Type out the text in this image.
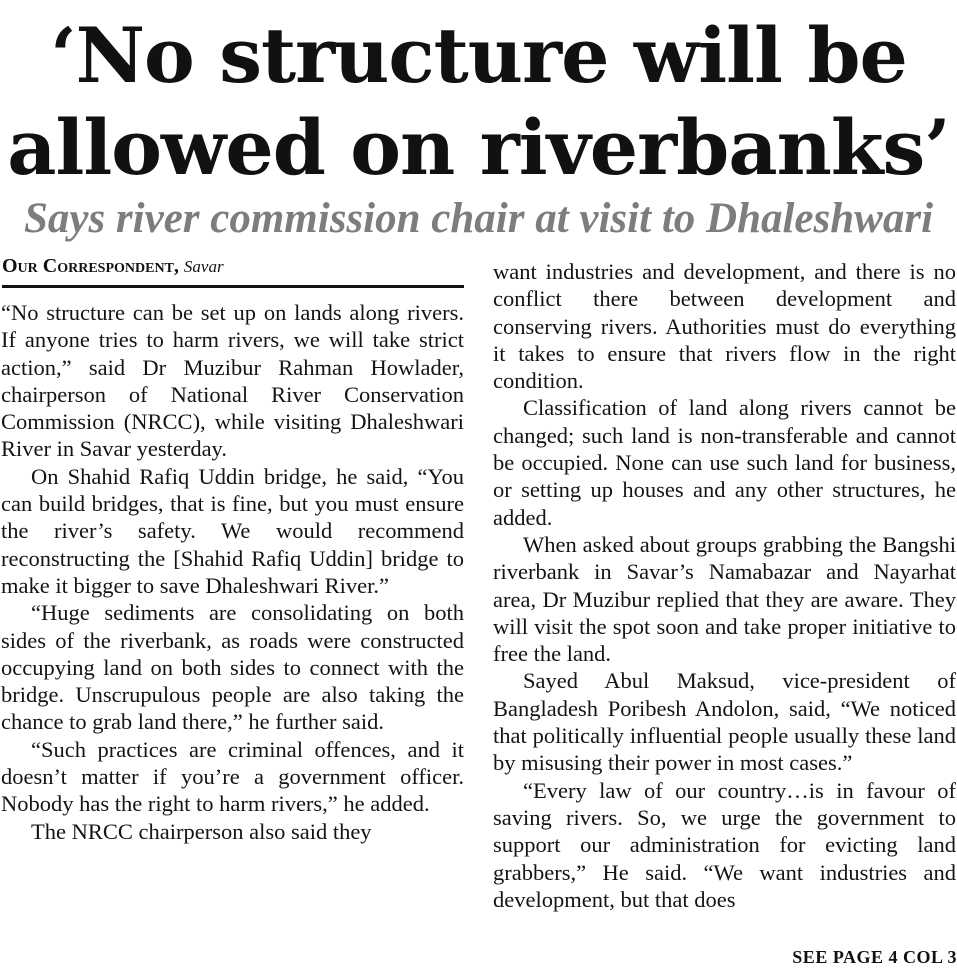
‘No structure will be
allowed on riverbanks’
Says river commission chair at visit to Dhaleshwari
Our Correspondent, Savar

“No structure can be set up on lands along rivers. If anyone tries to harm rivers, we will take strict action,” said Dr Muzibur Rahman Howlader, chairperson of National River Conservation Commission (NRCC), while visiting Dhaleshwari River in Savar yesterday.

On Shahid Rafiq Uddin bridge, he said, “You can build bridges, that is fine, but you must ensure the river’s safety. We would recommend reconstructing the [Shahid Rafiq Uddin] bridge to make it bigger to save Dhaleshwari River.”

“Huge sediments are consolidating on both sides of the riverbank, as roads were constructed occupying land on both sides to connect with the bridge. Unscrupulous people are also taking the chance to grab land there,” he further said.

“Such practices are criminal offences, and it doesn’t matter if you’re a government officer. Nobody has the right to harm rivers,” he added.

The NRCC chairperson also said they

want industries and development, and there is no conflict there between development and conserving rivers. Authorities must do everything it takes to ensure that rivers flow in the right condition.

Classification of land along rivers cannot be changed; such land is non-transferable and cannot be occupied. None can use such land for business, or setting up houses and any other structures, he added.

When asked about groups grabbing the Bangshi riverbank in Savar’s Namabazar and Nayarhat area, Dr Muzibur replied that they are aware. They will visit the spot soon and take proper initiative to free the land.

Sayed Abul Maksud, vice-president of Bangladesh Poribesh Andolon, said, “We noticed that politically influential people usually these land by misusing their power in most cases.”

“Every law of our country…is in favour of saving rivers. So, we urge the government to support our administration for evicting land grabbers,” He said. “We want industries and development, but that does

SEE PAGE 4 COL 3
